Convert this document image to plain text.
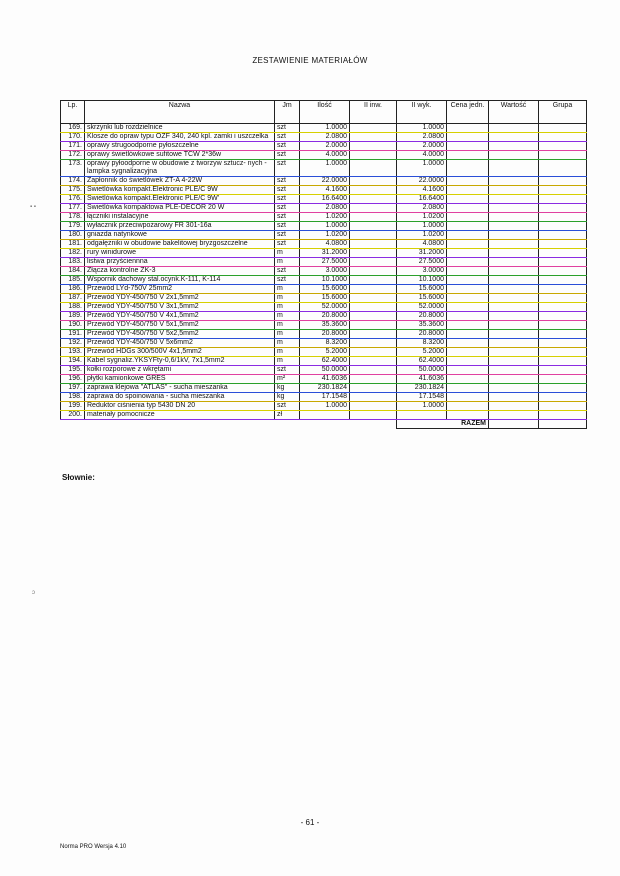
ZESTAWIENIE MATERIAŁÓW
Lp.	Nazwa	Jm	Ilość	II inw.	II wyk.	Cena jedn.	Wartość	Grupa
169.	skrzynki lub rozdzielnice	szt	1.0000		1.0000			
170.	Klosze do opraw typu OZF 340, 240 kpl. zamki i uszczelka	szt	2.0800		2.0800			
171.	oprawy strugoodporne pyłoszczelne	szt	2.0000		2.0000			
172.	oprawy świetlówkowe sufitowe TCW 2*36w	szt	4.0000		4.0000			
173.	oprawy pyłoodporne w obudowie z tworzyw sztucz- nych - lampka sygnalizacyjna	szt	1.0000		1.0000			
174.	Zapłonnik do świetlówek ZT-A 4-22W	szt	22.0000		22.0000			
175.	Świetlówka kompakt.Elektronic PLE/C 9W	szt	4.1600		4.1600			
176.	Świetlówka kompakt.Elektronic PLE/C 9W'	szt	16.6400		16.6400			
177.	Świetlówka kompaktowa PLE-DECOR 20 W	szt	2.0800		2.0800			
178.	łączniki instalacyjne	szt	1.0200		1.0200			
179.	wyłacznik przeciwpożarowy FR 301-16a	szt	1.0000		1.0000			
180.	gniazda natynkowe	szt	1.0200		1.0200			
181.	odgałężniki w obudowie bakelitowej bryzgoszczelne	szt	4.0800		4.0800			
182.	rury winidurowe	m	31.2000		31.2000			
183.	listwa przyściennna	m	27.5000		27.5000			
184.	Złącza kontrolne ZK-3	szt	3.0000		3.0000			
185.	Wspornik dachowy stal.ocynk.K-111, K-114	szt	10.1000		10.1000			
186.	Przewód LYd-750V 25mm2	m	15.6000		15.6000			
187.	Przewód YDY-450/750 V 2x1,5mm2	m	15.6000		15.6000			
188.	Przewód YDY-450/750 V 3x1,5mm2	m	52.0000		52.0000			
189.	Przewód YDY-450/750 V 4x1,5mm2	m	20.8000		20.8000			
190.	Przewód YDY-450/750 V 5x1,5mm2	m	35.3600		35.3600			
191.	Przewód YDY-450/750 V 5x2,5mm2	m	20.8000		20.8000			
192.	Przewód YDY-450/750 V 5x6mm2	m	8.3200		8.3200			
193.	Przewód HDGs 300/500V 4x1,5mm2	m	5.2000		5.2000			
194.	Kabel sygnaliz.YKSYFty-0,6/1kV, 7x1,5mm2	m	62.4000		62.4000			
195.	kołki rozporowe z wkrętami	szt	50.0000		50.0000			
196.	płytki kamionkowe GRES	m²	41.6036		41.6036			
197.	zaprawa klejowa "ATLAS" - sucha mieszanka	kg	230.1824		230.1824			
198.	zaprawa do spoinowania - sucha mieszanka	kg	17.1548		17.1548			
199.	Reduktor ciśnienia typ 5430 DN 20	szt	1.0000		1.0000			
200.	materiały pomocnicze	zł						
					RAZEM			
Słownie:
- 61 -
Norma PRO Wersja 4.10
▪ ▪
ɔ
